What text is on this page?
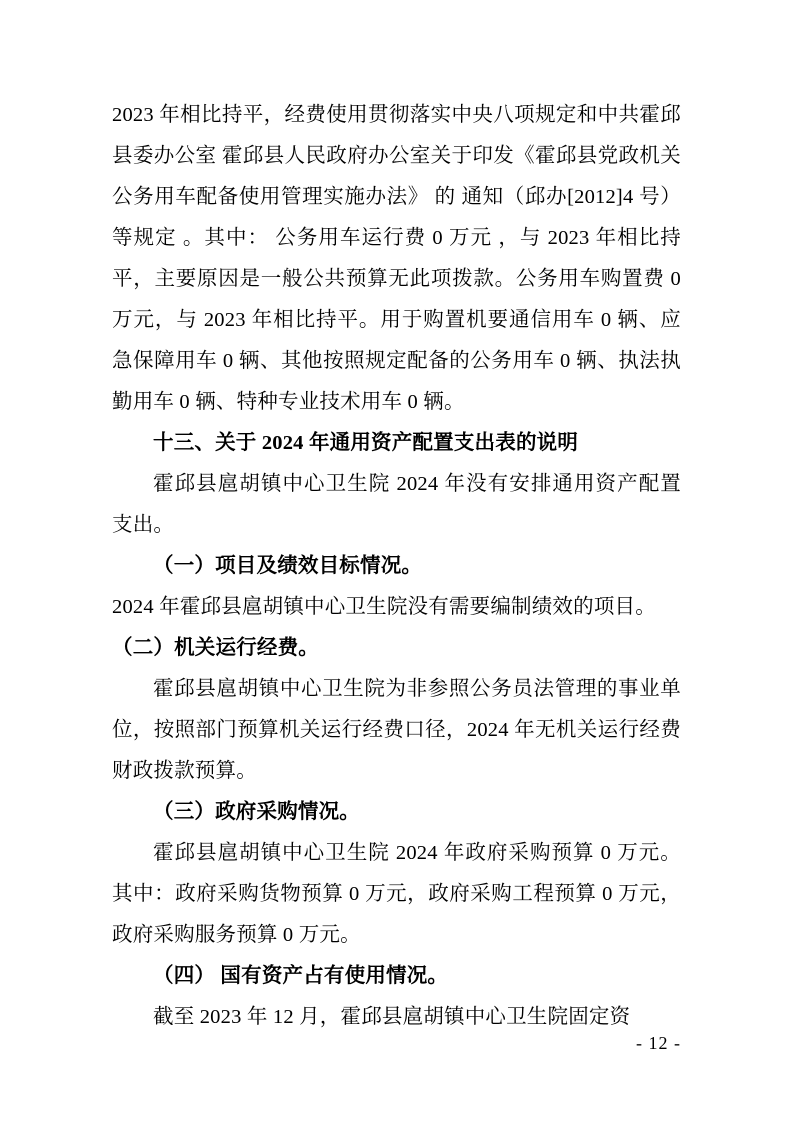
2023 年相比持平，经费使用贯彻落实中央八项规定和中共霍邱县委办公室 霍邱县人民政府办公室关于印发《霍邱县党政机关公务用车配备使用管理实施办法》 的 通知（邱办[2012]4 号） 等规定 。其中： 公务用车运行费 0 万元 ，与 2023 年相比持平，主要原因是一般公共预算无此项拨款。公务用车购置费 0 万元，与 2023 年相比持平。用于购置机要通信用车 0 辆、应急保障用车 0 辆、其他按照规定配备的公务用车 0 辆、执法执勤用车 0 辆、特种专业技术用车 0 辆。

十三、关于 2024 年通用资产配置支出表的说明

霍邱县扈胡镇中心卫生院 2024 年没有安排通用资产配置支出。

（一）项目及绩效目标情况。

2024 年霍邱县扈胡镇中心卫生院没有需要编制绩效的项目。

（二）机关运行经费。

霍邱县扈胡镇中心卫生院为非参照公务员法管理的事业单位，按照部门预算机关运行经费口径，2024 年无机关运行经费财政拨款预算。

（三）政府采购情况。

霍邱县扈胡镇中心卫生院 2024 年政府采购预算 0 万元。其中：政府采购货物预算 0 万元，政府采购工程预算 0 万元，政府采购服务预算 0 万元。

（四） 国有资产占有使用情况。

截至 2023 年 12 月，霍邱县扈胡镇中心卫生院固定资

- 12 -
